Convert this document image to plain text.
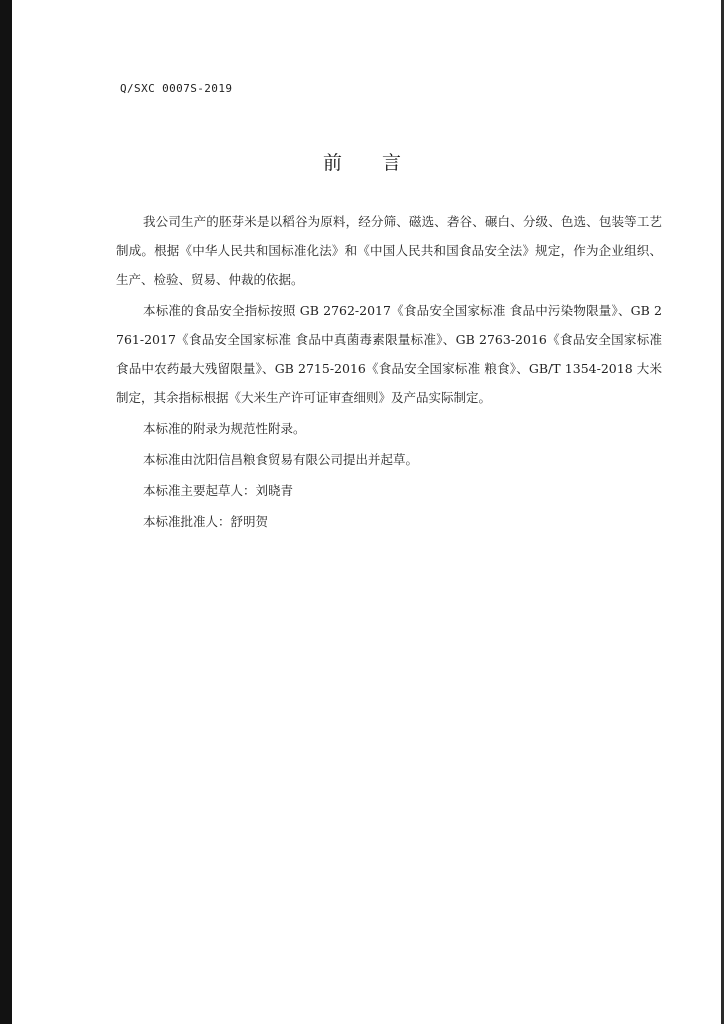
Q/SXC 0007S-2019
前言

我公司生产的胚芽米是以稻谷为原料，经分筛、磁选、砻谷、碾白、分级、色选、包装等工艺制成。根据《中华人民共和国标准化法》和《中国人民共和国食品安全法》规定，作为企业组织、生产、检验、贸易、仲裁的依据。

本标准的食品安全指标按照 GB 2762-2017《食品安全国家标准 食品中污染物限量》、GB 2761-2017《食品安全国家标准 食品中真菌毒素限量标准》、GB 2763-2016《食品安全国家标准 食品中农药最大残留限量》、GB 2715-2016《食品安全国家标准 粮食》、GB/T 1354-2018 大米制定，其余指标根据《大米生产许可证审查细则》及产品实际制定。

本标准的附录为规范性附录。

本标准由沈阳信昌粮食贸易有限公司提出并起草。

本标准主要起草人：刘晓青

本标准批准人：舒明贺
